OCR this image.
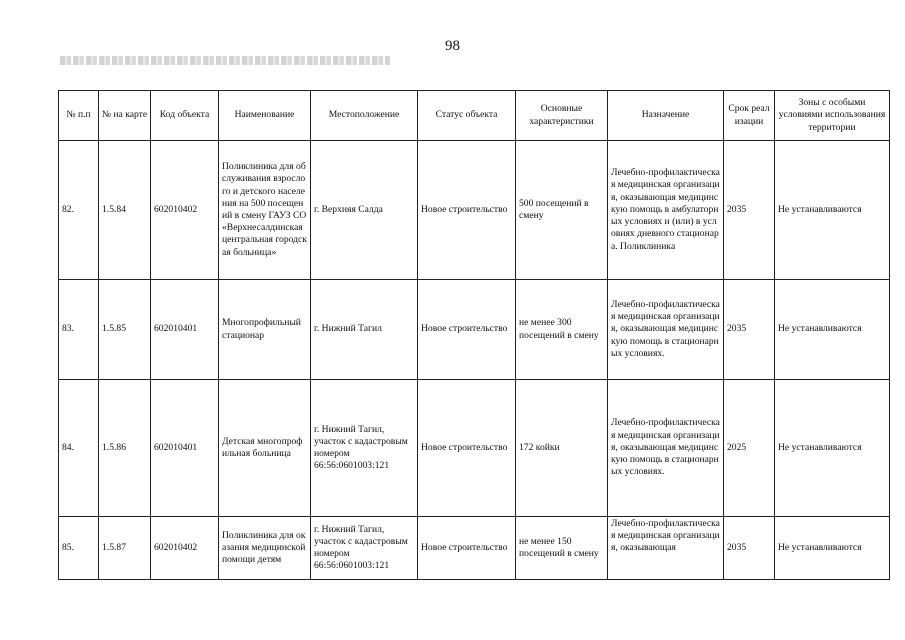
98
№ п.п	№ на карте	Код объекта	Наименование	Местоположение	Статус объекта	Основные характеристики	Назначение	Срок реализации	Зоны с особыми условиями использования территории
82.	1.5.84	602010402	Поликлиника для обслуживания взрослого и детского населения на 500 посещений в смену ГАУЗ СО «Верхнесалдинская центральная городская больница»	г. Верхняя Салда	Новое строительство	500 посещений в смену	Лечебно-профилактическая медицинская организация, оказывающая медицинскую помощь в амбулаторных условиях и (или) в условиях дневного стационара. Поликлиника	2035	Не устанавливаются
83.	1.5.85	602010401	Многопрофильный стационар	г. Нижний Тагил	Новое строительство	не менее 300 посещений в смену	Лечебно-профилактическая медицинская организация, оказывающая медицинскую помощь в стационарных условиях.	2035	Не устанавливаются
84.	1.5.86	602010401	Детская многопрофильная больница	г. Нижний Тагил, участок с кадастровым номером 66:56:0601003:121	Новое строительство	172 койки	Лечебно-профилактическая медицинская организация, оказывающая медицинскую помощь в стационарных условиях.	2025	Не устанавливаются
85.	1.5.87	602010402	Поликлиника для оказания медицинской помощи детям	г. Нижний Тагил, участок с кадастровым номером 66:56:0601003:121	Новое строительство	не менее 150 посещений в смену	Лечебно-профилактическая медицинская организация, оказывающая	2035	Не устанавливаются
